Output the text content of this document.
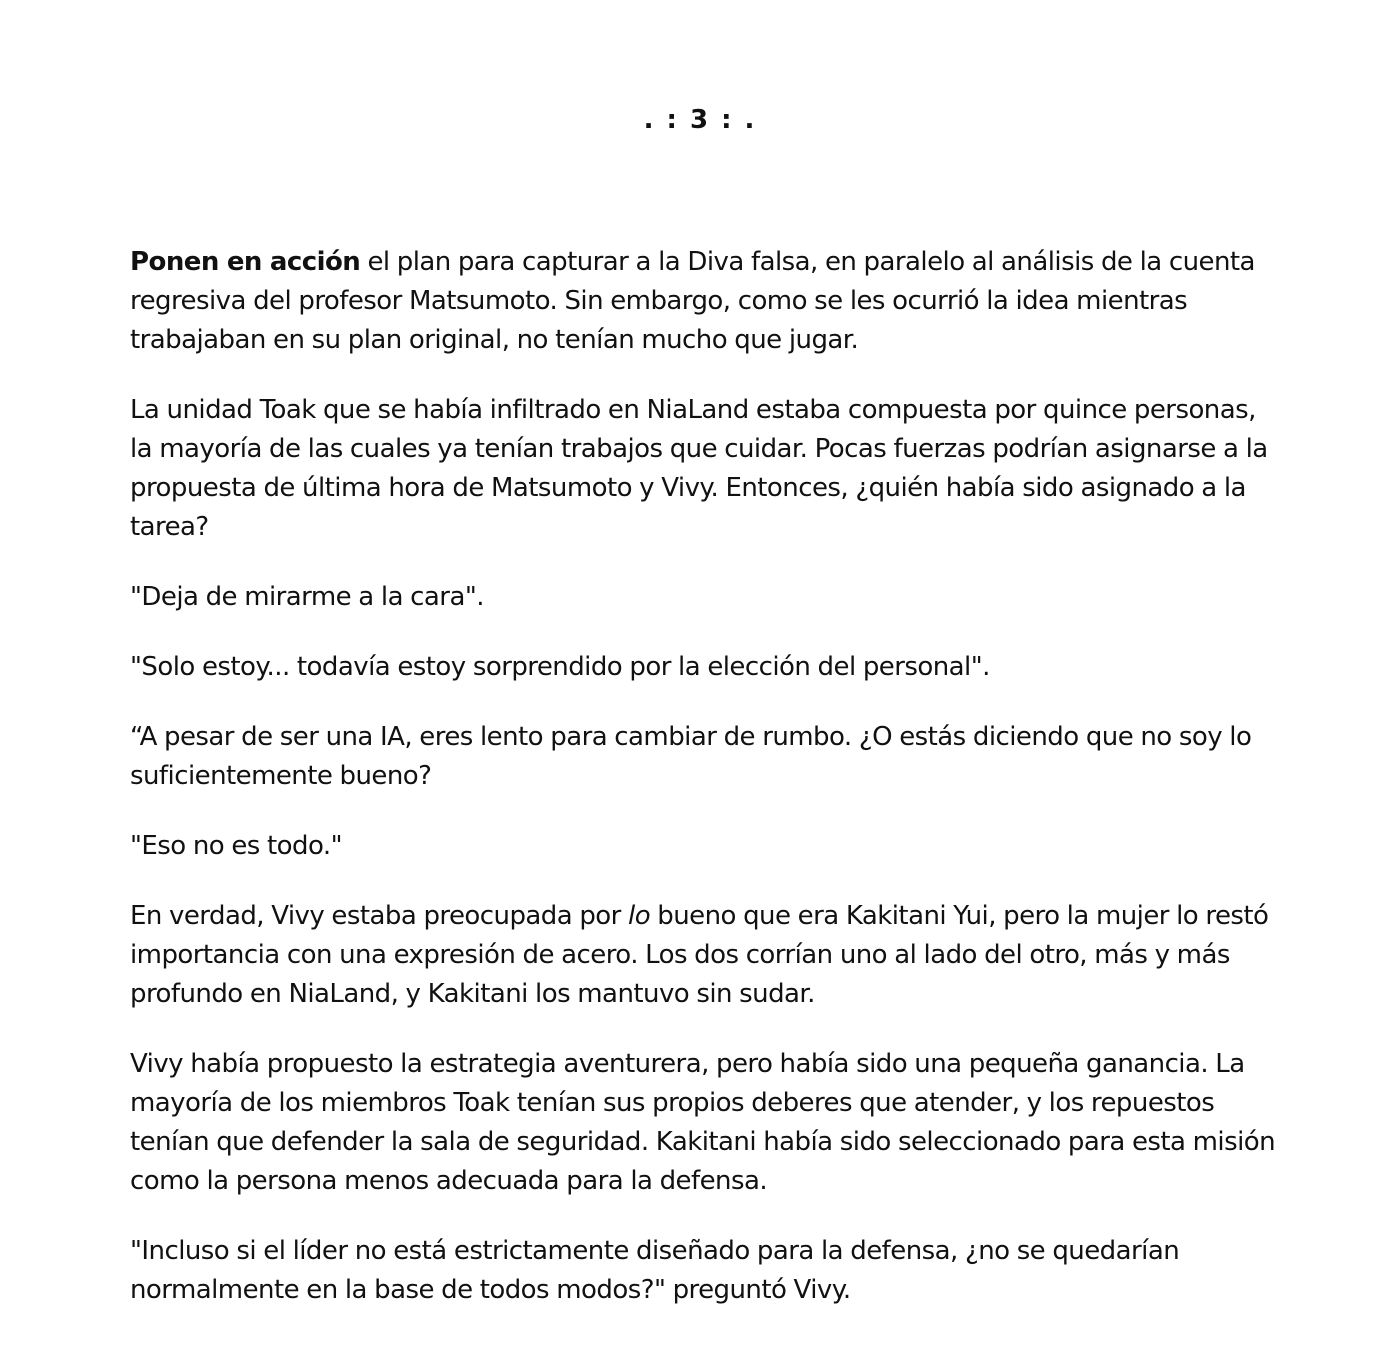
. : 3 : .

Ponen en acción el plan para capturar a la Diva falsa, en paralelo al análisis de la cuenta regresiva del profesor Matsumoto. Sin embargo, como se les ocurrió la idea mientras trabajaban en su plan original, no tenían mucho que jugar.

La unidad Toak que se había infiltrado en NiaLand estaba compuesta por quince personas, la mayoría de las cuales ya tenían trabajos que cuidar. Pocas fuerzas podrían asignarse a la propuesta de última hora de Matsumoto y Vivy. Entonces, ¿quién había sido asignado a la tarea?

"Deja de mirarme a la cara".

"Solo estoy... todavía estoy sorprendido por la elección del personal".

“A pesar de ser una IA, eres lento para cambiar de rumbo. ¿O estás diciendo que no soy lo suficientemente bueno?

"Eso no es todo."

En verdad, Vivy estaba preocupada por lo bueno que era Kakitani Yui, pero la mujer lo restó importancia con una expresión de acero. Los dos corrían uno al lado del otro, más y más profundo en NiaLand, y Kakitani los mantuvo sin sudar.

Vivy había propuesto la estrategia aventurera, pero había sido una pequeña ganancia. La mayoría de los miembros Toak tenían sus propios deberes que atender, y los repuestos tenían que defender la sala de seguridad. Kakitani había sido seleccionado para esta misión como la persona menos adecuada para la defensa.

"Incluso si el líder no está estrictamente diseñado para la defensa, ¿no se quedarían normalmente en la base de todos modos?" preguntó Vivy.
